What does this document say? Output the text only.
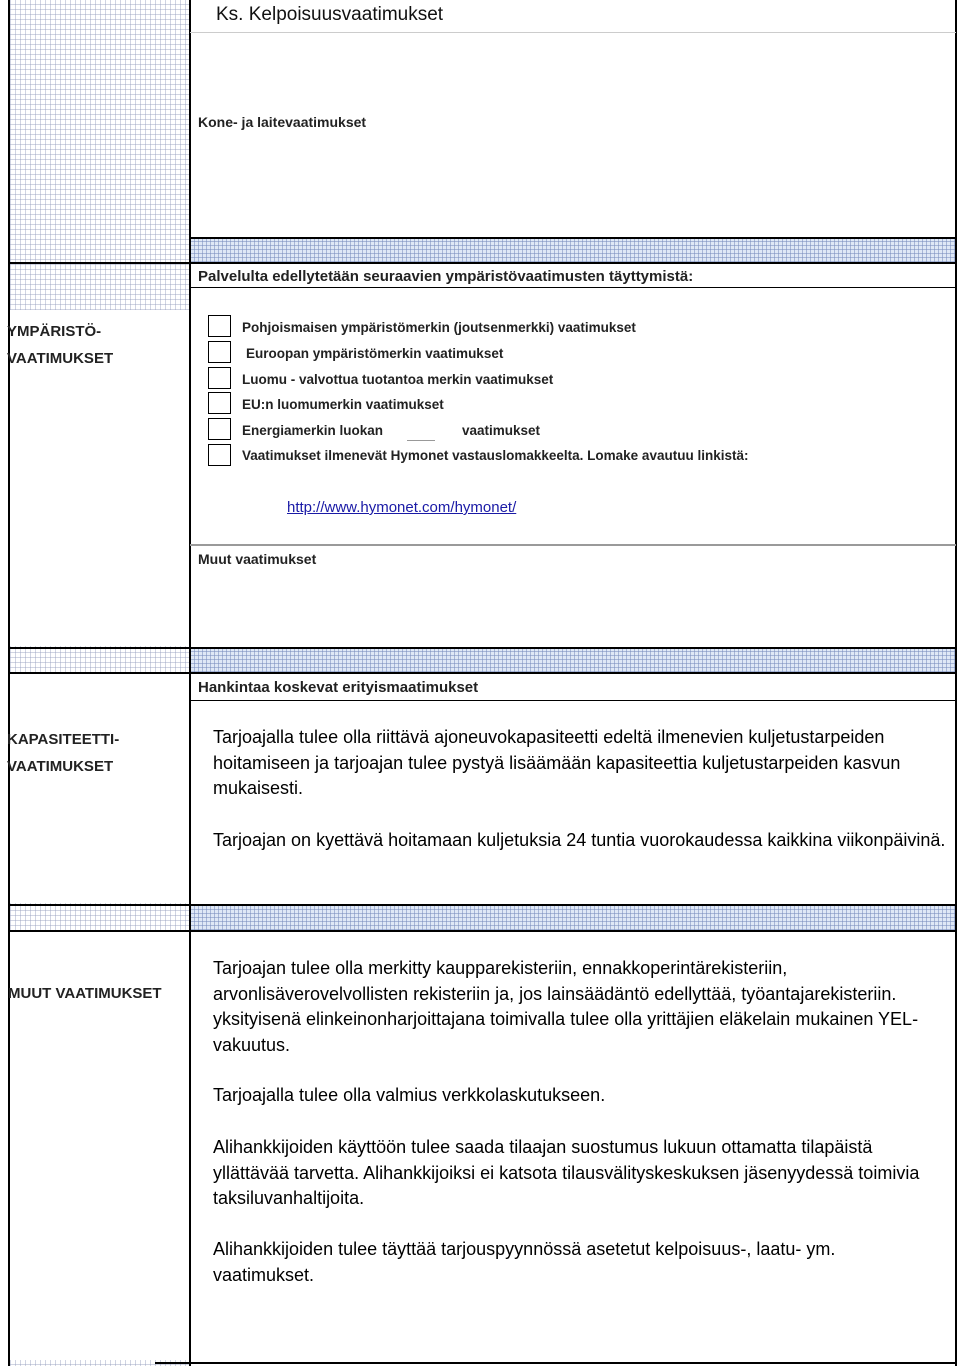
Ks. Kelpoisuusvaatimukset
Kone- ja laitevaatimukset
Palvelulta edellytetään seuraavien ympäristövaatimusten täyttymistä:
YMPÄRISTÖ-
VAATIMUKSET
Pohjoismaisen ympäristömerkin (joutsenmerkki) vaatimukset
Euroopan ympäristömerkin vaatimukset
Luomu - valvottua tuotantoa merkin vaatimukset
EU:n luomumerkin vaatimukset
Energiamerkin luokan	vaatimukset
Vaatimukset ilmenevät Hymonet vastauslomakkeelta. Lomake avautuu linkistä:
http://www.hymonet.com/hymonet/
Muut vaatimukset
Hankintaa koskevat erityismaatimukset
KAPASITEETTI-
VAATIMUKSET
Tarjoajalla tulee olla riittävä ajoneuvokapasiteetti edeltä ilmenevien kuljetustarpeiden hoitamiseen ja tarjoajan tulee pystyä lisäämään kapasiteettia kuljetustarpeiden kasvun mukaisesti.
Tarjoajan on kyettävä hoitamaan kuljetuksia 24 tuntia vuorokaudessa kaikkina viikonpäivinä.
MUUT VAATIMUKSET
Tarjoajan tulee olla merkitty kaupparekisteriin, ennakkoperintärekisteriin, arvonlisäverovelvollisten rekisteriin ja, jos lainsäädäntö edellyttää, työantajarekisteriin. yksityisenä elinkeinonharjoittajana toimivalla tulee olla yrittäjien eläkelain mukainen YEL-vakuutus.
Tarjoajalla tulee olla valmius verkkolaskutukseen.
Alihankkijoiden käyttöön tulee saada tilaajan suostumus lukuun ottamatta tilapäistä yllättävää tarvetta. Alihankkijoiksi ei katsota tilausvälityskeskuksen jäsenyydessä toimivia taksiluvanhaltijoita.
Alihankkijoiden tulee täyttää tarjouspyynnössä asetetut kelpoisuus-, laatu- ym. vaatimukset.
